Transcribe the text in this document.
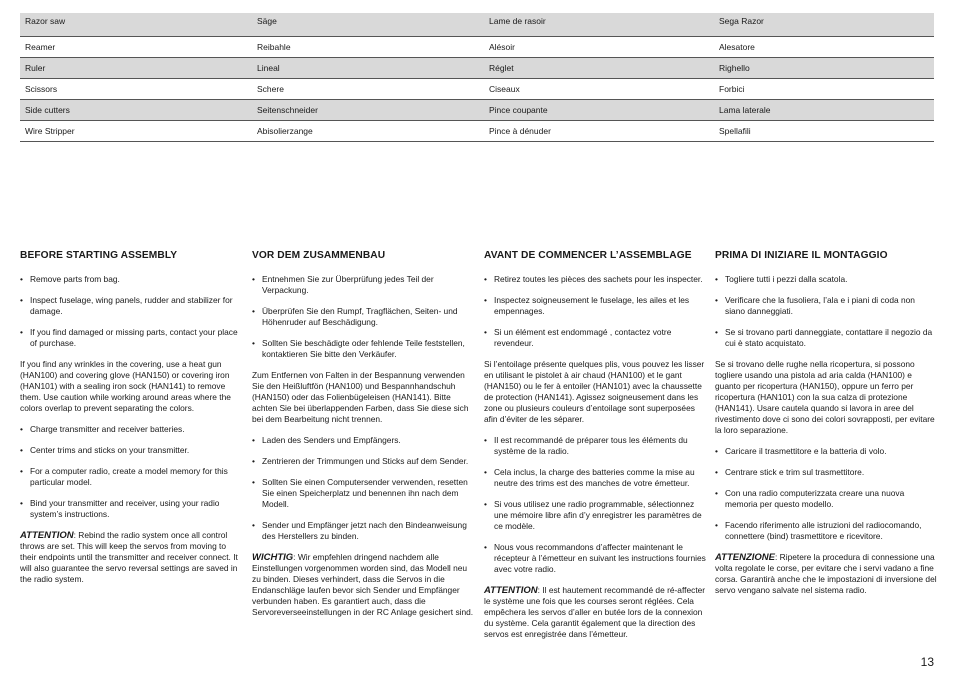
Razor saw	Säge	Lame de rasoir	Sega Razor
Reamer	Reibahle	Alésoir	Alesatore
Ruler	Lineal	Réglet	Righello
Scissors	Schere	Ciseaux	Forbici
Side cutters	Seitenschneider	Pince coupante	Lama laterale
Wire Stripper	Abisolierzange	Pince à dénuder	Spellafili
BEFORE STARTING ASSEMBLY
• Remove parts from bag.
• Inspect fuselage, wing panels, rudder and stabilizer for damage.
• If you find damaged or missing parts, contact your place of purchase.

If you find any wrinkles in the covering, use a heat gun (HAN100) and covering glove (HAN150) or covering iron (HAN101) with a sealing iron sock (HAN141) to remove them. Use caution while working around areas where the colors overlap to prevent separating the colors.

• Charge transmitter and receiver batteries.
• Center trims and sticks on your transmitter.
• For a computer radio, create a model memory for this particular model.
• Bind your transmitter and receiver, using your radio system’s instructions.

ATTENTION: Rebind the radio system once all control throws are set. This will keep the servos from moving to their endpoints until the transmitter and receiver connect. It will also guarantee the servo reversal settings are saved in the radio system.

VOR DEM ZUSAMMENBAU
• Entnehmen Sie zur Überprüfung jedes Teil der Verpackung.
• Überprüfen Sie den Rumpf, Tragflächen, Seiten- und Höhenruder auf Beschädigung.
• Sollten Sie beschädigte oder fehlende Teile feststellen, kontaktieren Sie bitte den Verkäufer.

Zum Entfernen von Falten in der Bespannung verwenden Sie den Heißluftfön (HAN100) und Bespannhandschuh (HAN150) oder das Folienbügeleisen (HAN141). Bitte achten Sie bei überlappenden Farben, dass Sie diese sich bei dem Bearbeitung nicht trennen.

• Laden des Senders und Empfängers.
• Zentrieren der Trimmungen und Sticks auf dem Sender.
• Sollten Sie einen Computersender verwenden, resetten Sie einen Speicherplatz und benennen ihn nach dem Modell.
• Sender und Empfänger jetzt nach den Bindeanweisung des Herstellers zu binden.

WICHTIG: Wir empfehlen dringend nachdem alle Einstellungen vorgenommen worden sind, das Modell neu zu binden. Dieses verhindert, dass die Servos in die Endanschläge laufen bevor sich Sender und Empfänger verbunden haben. Es garantiert auch, dass die Servoreverseeinstellungen in der RC Anlage gesichert sind.

AVANT DE COMMENCER L’ASSEMBLAGE
• Retirez toutes les pièces des sachets pour les inspecter.
• Inspectez soigneusement le fuselage, les ailes et les empennages.
• Si un élément est endommagé , contactez votre revendeur.

Si l’entoilage présente quelques plis, vous pouvez les lisser en utilisant le pistolet à air chaud (HAN100) et le gant (HAN150) ou le fer à entoiler (HAN101) avec la chaussette de protection (HAN141). Agissez soigneusement dans les zone ou plusieurs couleurs d’entoilage sont superposées afin d’éviter de les séparer.

• Il est recommandé de préparer tous les éléments du système de la radio.
• Cela inclus, la charge des batteries comme la mise au neutre des trims est des manches de votre émetteur.
• Si vous utilisez une radio programmable, sélectionnez une mémoire libre afin d’y enregistrer les paramètres de ce modèle.
• Nous vous recommandons d’affecter maintenant le récepteur à l’émetteur en suivant les instructions fournies avec votre radio.

ATTENTION: Il est hautement recommandé de ré-affecter le système une fois que les courses seront réglées. Cela empêchera les servos d’aller en butée lors de la connexion du système. Cela garantit également que la direction des servos est enregistrée dans l’émetteur.

PRIMA DI INIZIARE IL MONTAGGIO
• Togliere tutti i pezzi dalla scatola.
• Verificare che la fusoliera, l’ala e i piani di coda non siano danneggiati.
• Se si trovano parti danneggiate, contattare il negozio da cui è stato acquistato.

Se si trovano delle rughe nella ricopertura, si possono togliere usando una pistola ad aria calda (HAN100) e guanto per ricopertura (HAN150), oppure un ferro per ricopertura (HAN101) con la sua calza di protezione (HAN141). Usare cautela quando si lavora in aree del rivestimento dove ci sono dei colori sovrapposti, per evitare la loro separazione.

• Caricare il trasmettitore e la batteria di volo.
• Centrare stick e trim sul trasmettitore.
• Con una radio computerizzata creare una nuova memoria per questo modello.
• Facendo riferimento alle istruzioni del radiocomando, connettere (bind) trasmettitore e ricevitore.

ATTENZIONE: Ripetere la procedura di connessione una volta regolate le corse, per evitare che i servi vadano a fine corsa. Garantirà anche che le impostazioni di inversione del servo vengano salvate nel sistema radio.

13
